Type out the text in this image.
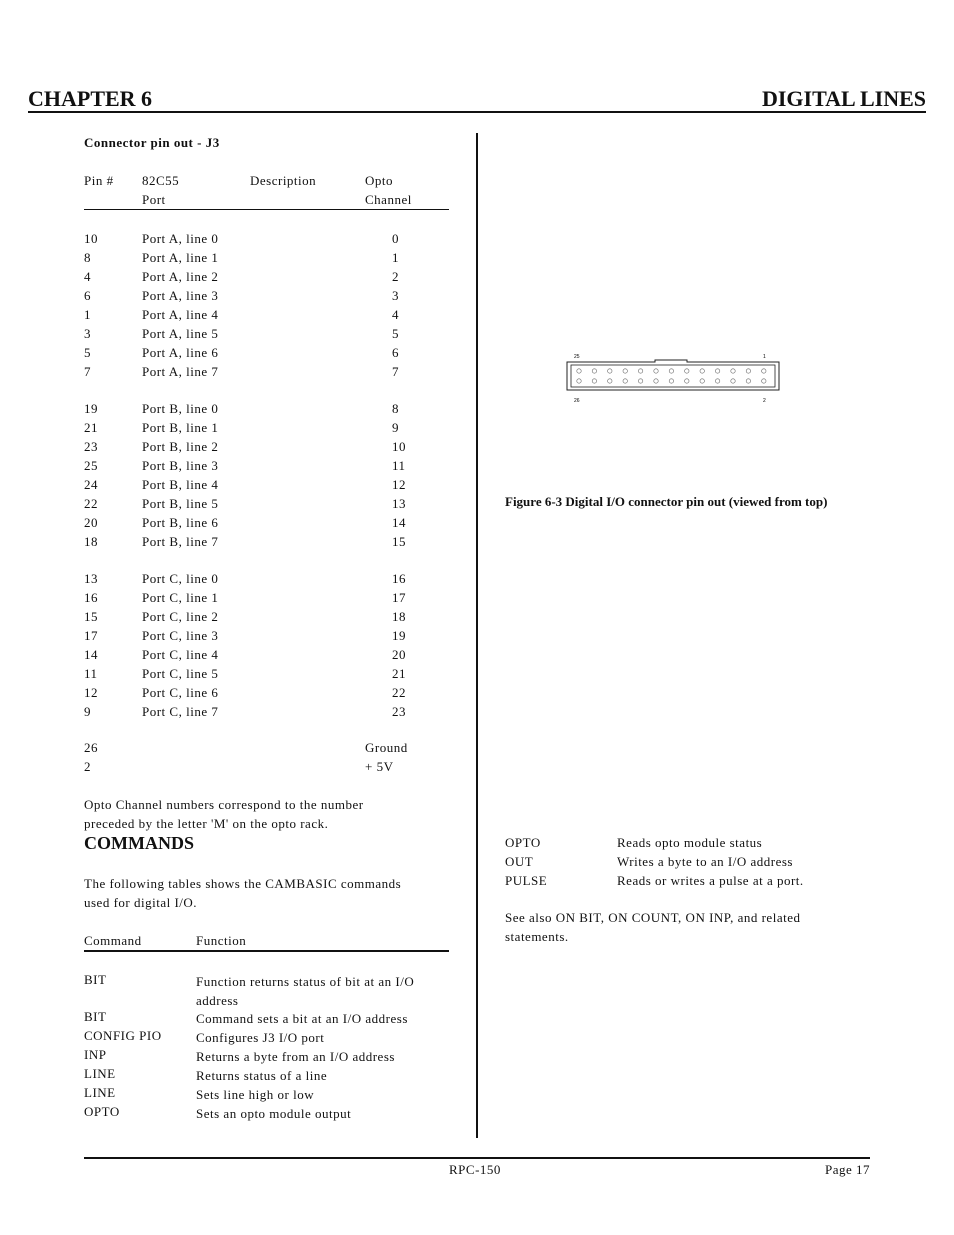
CHAPTER 6	DIGITAL LINES
Connector pin out - J3
Pin # 82C55	Description	Opto
Port	Channel
10	Port A, line 0	0
8	Port A, line 1	1
4	Port A, line 2	2
6	Port A, line 3	3
1	Port A, line 4	4
3	Port A, line 5	5
5	Port A, line 6	6
7	Port A, line 7	7
19	Port B, line 0	8
21	Port B, line 1	9
23	Port B, line 2	10
25	Port B, line 3	11
24	Port B, line 4	12
22	Port B, line 5	13
20	Port B, line 6	14
18	Port B, line 7	15
13	Port C, line 0	16
16	Port C, line 1	17
15	Port C, line 2	18
17	Port C, line 3	19
14	Port C, line 4	20
11	Port C, line 5	21
12	Port C, line 6	22
9	Port C, line 7	23
26	Ground
2	+ 5V
Opto Channel numbers correspond to the number
preceded by the letter 'M' on the opto rack.
COMMANDS
The following tables shows the CAMBASIC commands
used for digital I/O.
Command	Function
BIT	Function returns status of bit at an I/O address
BIT	Command sets a bit at an I/O address
CONFIG PIO	Configures J3 I/O port
INP	Returns a byte from an I/O address
LINE	Returns status of a line
LINE	Sets line high or low
OPTO	Sets an opto module output
25	1
26	2
Figure 6-3 Digital I/O connector pin out (viewed from top)
OPTO	Reads opto module status
OUT	Writes a byte to an I/O address
PULSE	Reads or writes a pulse at a port.
See also ON BIT, ON COUNT, ON INP, and related
statements.
RPC-150	Page 17
